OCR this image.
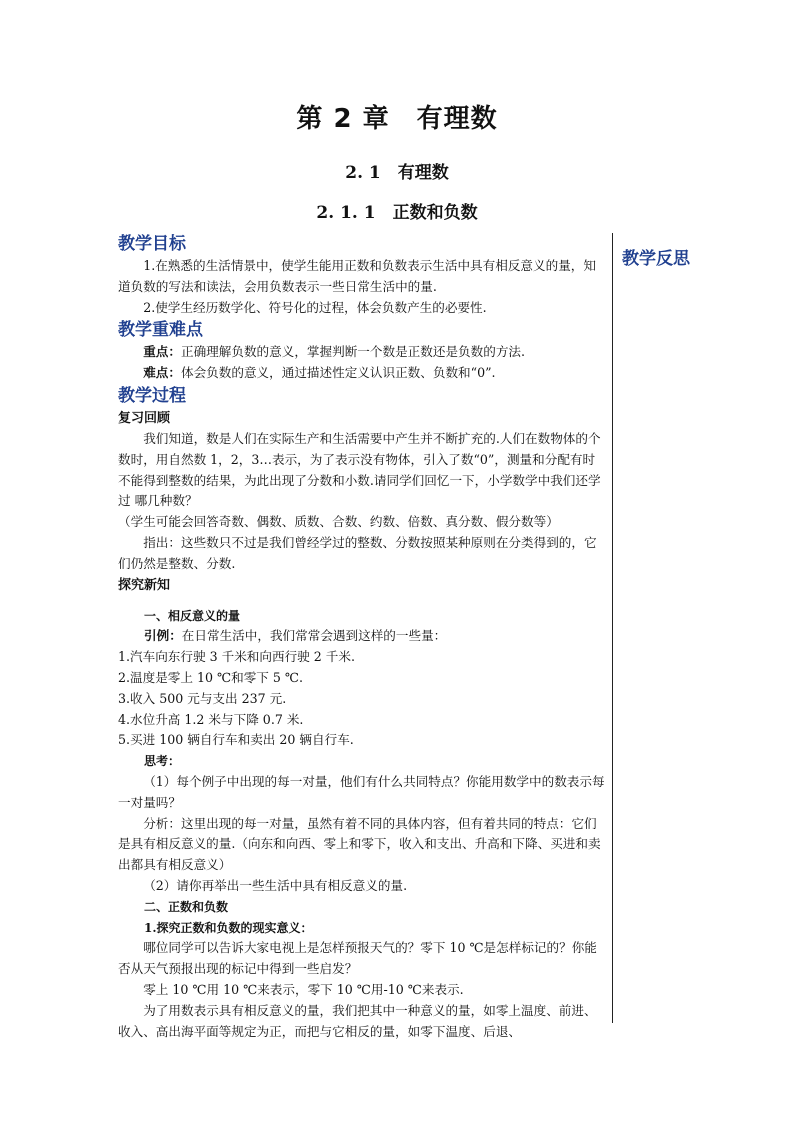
第 2 章　有理数
2. 1　有理数
2. 1. 1　正数和负数
教学反思
教学目标

1.在熟悉的生活情景中，使学生能用正数和负数表示生活中具有相反意义的量，知道负数的写法和读法，会用负数表示一些日常生活中的量.

2.使学生经历数学化、符号化的过程，体会负数产生的必要性.

教学重难点

重点：正确理解负数的意义，掌握判断一个数是正数还是负数的方法.

难点：体会负数的意义，通过描述性定义认识正数、负数和“0”.

教学过程
复习回顾

我们知道，数是人们在实际生产和生活需要中产生并不断扩充的.人们在数物体的个数时，用自然数 1，2，3…表示，为了表示没有物体，引入了数“0”，测量和分配有时不能得到整数的结果，为此出现了分数和小数.请同学们回忆一下，小学数学中我们还学过 哪几种数？

（学生可能会回答奇数、偶数、质数、合数、约数、倍数、真分数、假分数等）

指出：这些数只不过是我们曾经学过的整数、分数按照某种原则在分类得到的，它们仍然是整数、分数.

探究新知

一、相反意义的量

引例：在日常生活中，我们常常会遇到这样的一些量：

1.汽车向东行驶 3 千米和向西行驶 2 千米.

2.温度是零上 10 ℃和零下 5 ℃.

3.收入 500 元与支出 237 元.

4.水位升高 1.2 米与下降 0.7 米.

5.买进 100 辆自行车和卖出 20 辆自行车.

思考：

（1）每个例子中出现的每一对量，他们有什么共同特点？你能用数学中的数表示每一对量吗？

分析：这里出现的每一对量，虽然有着不同的具体内容，但有着共同的特点：它们是具有相反意义的量.（向东和向西、零上和零下，收入和支出、升高和下降、买进和卖出都具有相反意义）

（2）请你再举出一些生活中具有相反意义的量.

二、正数和负数

1.探究正数和负数的现实意义：

哪位同学可以告诉大家电视上是怎样预报天气的？零下 10 ℃是怎样标记的？你能否从天气预报出现的标记中得到一些启发？

零上 10 ℃用 10 ℃来表示，零下 10 ℃用-10 ℃来表示.

为了用数表示具有相反意义的量，我们把其中一种意义的量，如零上温度、前进、收入、高出海平面等规定为正，而把与它相反的量，如零下温度、后退、
